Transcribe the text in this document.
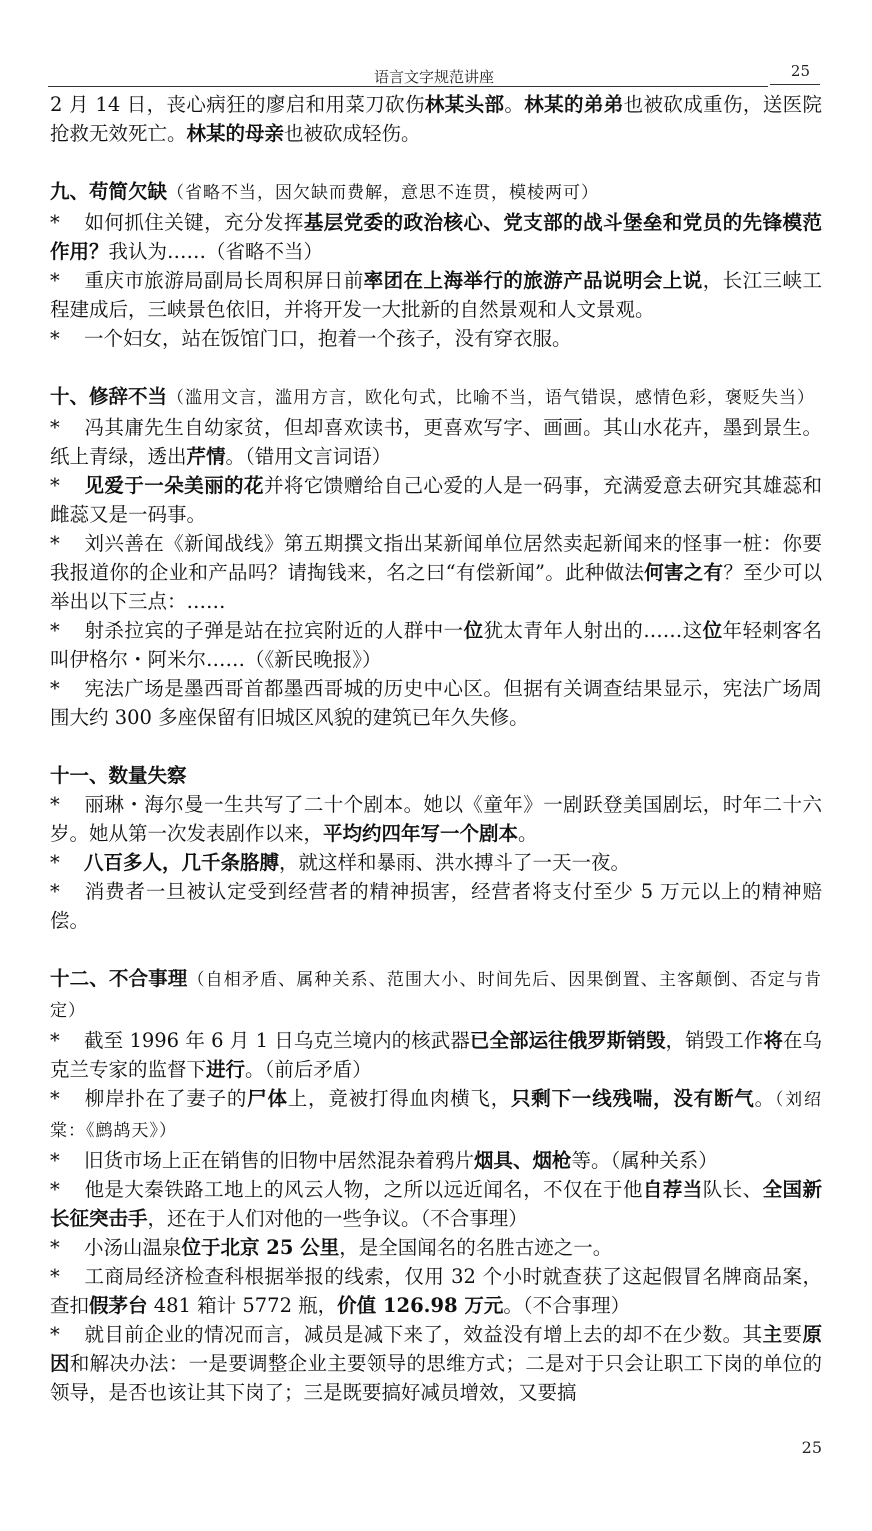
语言文字规范讲座	25

2 月 14 日，丧心病狂的廖启和用菜刀砍伤林某头部。林某的弟弟也被砍成重伤，送医院抢救无效死亡。林某的母亲也被砍成轻伤。

九、苟简欠缺（省略不当，因欠缺而费解，意思不连贯，模棱两可）

* 如何抓住关键，充分发挥基层党委的政治核心、党支部的战斗堡垒和党员的先锋模范作用？我认为……（省略不当）

* 重庆市旅游局副局长周积屏日前率团在上海举行的旅游产品说明会上说，长江三峡工程建成后，三峡景色依旧，并将开发一大批新的自然景观和人文景观。

* 一个妇女，站在饭馆门口，抱着一个孩子，没有穿衣服。

十、修辞不当（滥用文言，滥用方言，欧化句式，比喻不当，语气错误，感情色彩，褒贬失当）

* 冯其庸先生自幼家贫，但却喜欢读书，更喜欢写字、画画。其山水花卉，墨到景生。纸上青绿，透出芹情。（错用文言词语）

* 见爱于一朵美丽的花并将它馈赠给自己心爱的人是一码事，充满爱意去研究其雄蕊和雌蕊又是一码事。

* 刘兴善在《新闻战线》第五期撰文指出某新闻单位居然卖起新闻来的怪事一桩：你要我报道你的企业和产品吗？请掏钱来，名之曰“有偿新闻”。此种做法何害之有？至少可以举出以下三点：……

* 射杀拉宾的子弹是站在拉宾附近的人群中一位犹太青年人射出的……这位年轻刺客名叫伊格尔・阿米尔……（《新民晚报》）

* 宪法广场是墨西哥首都墨西哥城的历史中心区。但据有关调查结果显示，宪法广场周围大约 300 多座保留有旧城区风貌的建筑已年久失修。

十一、数量失察

* 丽琳・海尔曼一生共写了二十个剧本。她以《童年》一剧跃登美国剧坛，时年二十六岁。她从第一次发表剧作以来，平均约四年写一个剧本。

* 八百多人，几千条胳膊，就这样和暴雨、洪水搏斗了一天一夜。

* 消费者一旦被认定受到经营者的精神损害，经营者将支付至少 5 万元以上的精神赔偿。

十二、不合事理（自相矛盾、属种关系、范围大小、时间先后、因果倒置、主客颠倒、否定与肯定）

* 截至 1996 年 6 月 1 日乌克兰境内的核武器已全部运往俄罗斯销毁，销毁工作将在乌克兰专家的监督下进行。（前后矛盾）

* 柳岸扑在了妻子的尸体上，竟被打得血肉横飞，只剩下一线残喘，没有断气。（刘绍棠：《鹧鸪天》）

* 旧货市场上正在销售的旧物中居然混杂着鸦片烟具、烟枪等。（属种关系）

* 他是大秦铁路工地上的风云人物，之所以远近闻名，不仅在于他自荐当队长、全国新长征突击手，还在于人们对他的一些争议。（不合事理）

* 小汤山温泉位于北京 25 公里，是全国闻名的名胜古迹之一。

* 工商局经济检查科根据举报的线索，仅用 32 个小时就查获了这起假冒名牌商品案，查扣假茅台 481 箱计 5772 瓶，价值 126.98 万元。（不合事理）

* 就目前企业的情况而言，减员是减下来了，效益没有增上去的却不在少数。其主要原因和解决办法：一是要调整企业主要领导的思维方式；二是对于只会让职工下岗的单位的领导，是否也该让其下岗了；三是既要搞好减员增效，又要搞

25
